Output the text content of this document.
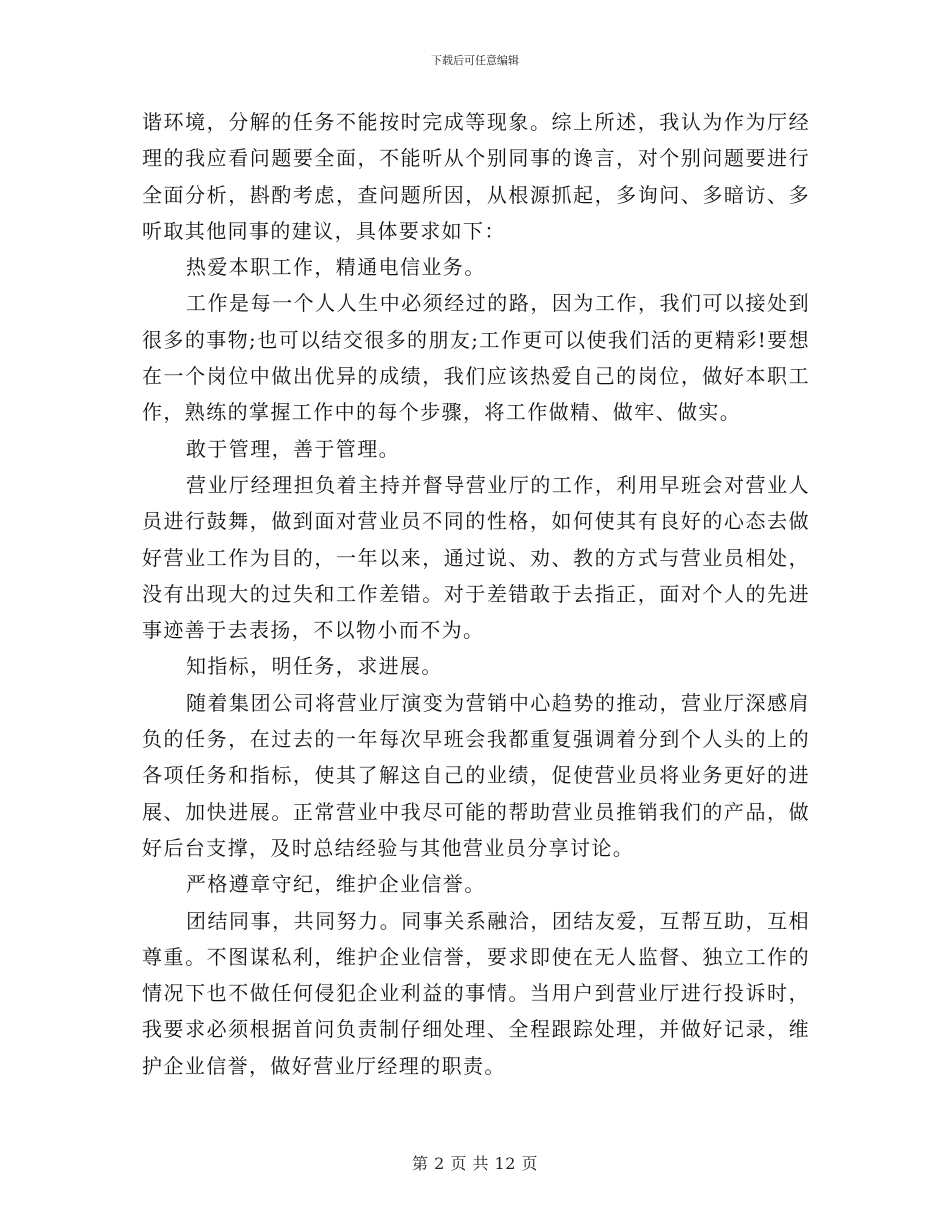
下载后可任意编辑

谐环境，分解的任务不能按时完成等现象。综上所述，我认为作为厅经理的我应看问题要全面，不能听从个别同事的谗言，对个别问题要进行全面分析，斟酌考虑，查问题所因，从根源抓起，多询问、多暗访、多听取其他同事的建议，具体要求如下：

热爱本职工作，精通电信业务。

工作是每一个人人生中必须经过的路，因为工作，我们可以接处到很多的事物;也可以结交很多的朋友;工作更可以使我们活的更精彩!要想在一个岗位中做出优异的成绩，我们应该热爱自己的岗位，做好本职工作，熟练的掌握工作中的每个步骤，将工作做精、做牢、做实。

敢于管理，善于管理。

营业厅经理担负着主持并督导营业厅的工作，利用早班会对营业人员进行鼓舞，做到面对营业员不同的性格，如何使其有良好的心态去做好营业工作为目的，一年以来，通过说、劝、教的方式与营业员相处，没有出现大的过失和工作差错。对于差错敢于去指正，面对个人的先进事迹善于去表扬，不以物小而不为。

知指标，明任务，求进展。

随着集团公司将营业厅演变为营销中心趋势的推动，营业厅深感肩负的任务，在过去的一年每次早班会我都重复强调着分到个人头的上的各项任务和指标，使其了解这自己的业绩，促使营业员将业务更好的进展、加快进展。正常营业中我尽可能的帮助营业员推销我们的产品，做好后台支撑，及时总结经验与其他营业员分享讨论。

严格遵章守纪，维护企业信誉。

团结同事，共同努力。同事关系融洽，团结友爱，互帮互助，互相尊重。不图谋私利，维护企业信誉，要求即使在无人监督、独立工作的情况下也不做任何侵犯企业利益的事情。当用户到营业厅进行投诉时，我要求必须根据首问负责制仔细处理、全程跟踪处理，并做好记录，维护企业信誉，做好营业厅经理的职责。

第 2 页 共 12 页
